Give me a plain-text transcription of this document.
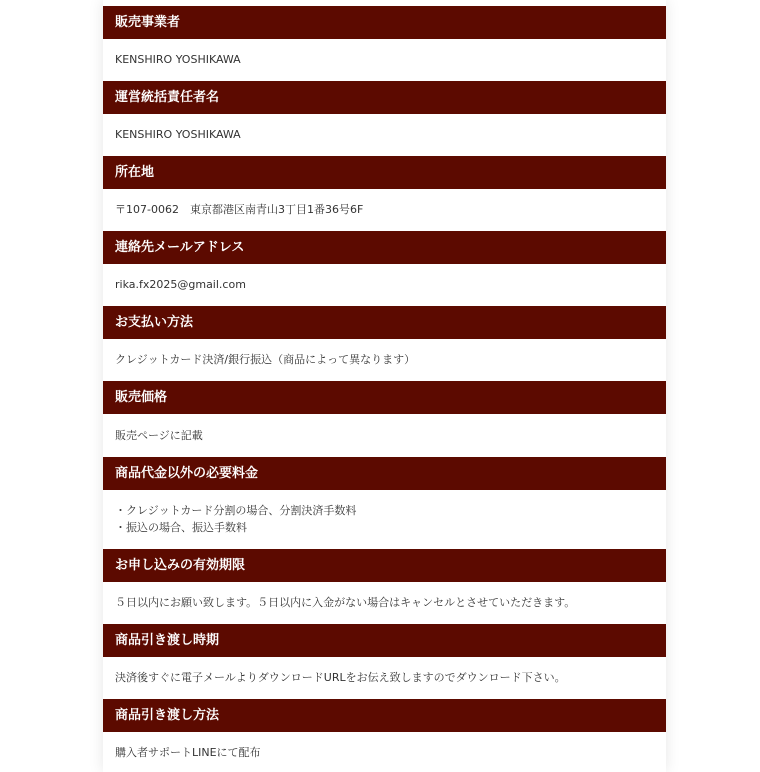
販売事業者
KENSHIRO YOSHIKAWA
運営統括責任者名
KENSHIRO YOSHIKAWA
所在地
〒107-0062　東京都港区南青山3丁目1番36号6F
連絡先メールアドレス
rika.fx2025@gmail.com
お支払い方法
クレジットカード決済/銀行振込（商品によって異なります）
販売価格
販売ページに記載
商品代金以外の必要料金
・クレジットカード分割の場合、分割決済手数料
・振込の場合、振込手数料
お申し込みの有効期限
５日以内にお願い致します。５日以内に入金がない場合はキャンセルとさせていただきます。
商品引き渡し時期
決済後すぐに電子メールよりダウンロードURLをお伝え致しますのでダウンロード下さい。
商品引き渡し方法
購入者サポートLINEにて配布
